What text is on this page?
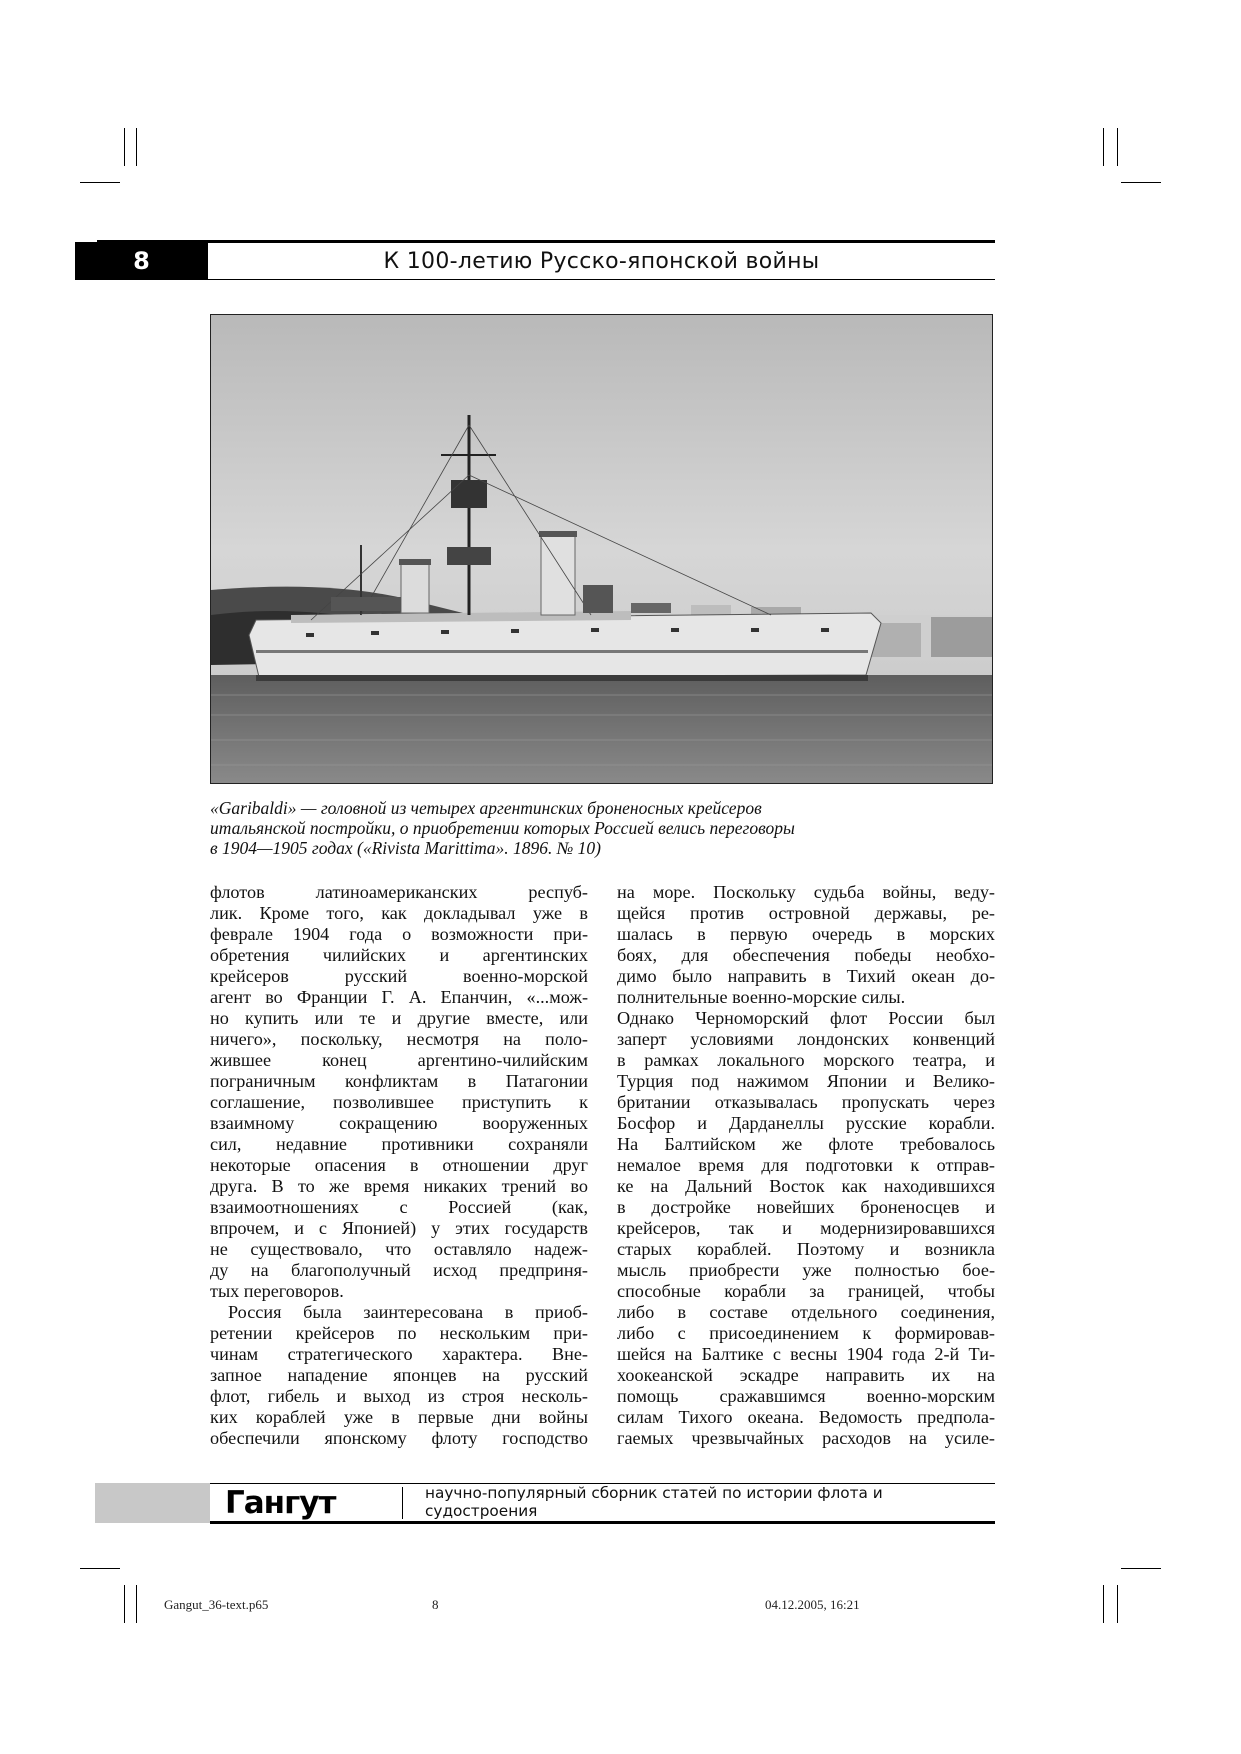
8	К 100-летию Русско-японской войны
«Garibaldi» — головной из четырех аргентинских броненосных крейсеров
итальянской постройки, о приобретении которых Россией велись переговоры
в 1904—1905 годах («Rivista Marittima». 1896. № 10)
флотов латиноамериканских респуб-
лик. Кроме того, как докладывал уже в
феврале 1904 года о возможности при-
обретения чилийских и аргентинских
крейсеров русский военно-морской
агент во Франции Г. А. Епанчин, «...мож-
но купить или те и другие вместе, или
ничего», поскольку, несмотря на поло-
жившее конец аргентино-чилийским
пограничным конфликтам в Патагонии
соглашение, позволившее приступить к
взаимному сокращению вооруженных
сил, недавние противники сохраняли
некоторые опасения в отношении друг
друга. В то же время никаких трений во
взаимоотношениях с Россией (как,
впрочем, и с Японией) у этих государств
не существовало, что оставляло надеж-
ду на благополучный исход предприня-
тых переговоров.
Россия была заинтересована в приоб-
ретении крейсеров по нескольким при-
чинам стратегического характера. Вне-
запное нападение японцев на русский
флот, гибель и выход из строя несколь-
ких кораблей уже в первые дни войны
обеспечили японскому флоту господство
на море. Поскольку судьба войны, веду-
щейся против островной державы, ре-
шалась в первую очередь в морских
боях, для обеспечения победы необхо-
димо было направить в Тихий океан до-
полнительные военно-морские силы.
Однако Черноморский флот России был
заперт условиями лондонских конвенций
в рамках локального морского театра, и
Турция под нажимом Японии и Велико-
британии отказывалась пропускать через
Босфор и Дарданеллы русские корабли.
На Балтийском же флоте требовалось
немалое время для подготовки к отправ-
ке на Дальний Восток как находившихся
в достройке новейших броненосцев и
крейсеров, так и модернизировавшихся
старых кораблей. Поэтому и возникла
мысль приобрести уже полностью бое-
способные корабли за границей, чтобы
либо в составе отдельного соединения,
либо с присоединением к формировав-
шейся на Балтике с весны 1904 года 2-й Ти-
хоокеанской эскадре направить их на
помощь сражавшимся военно-морским
силам Тихого океана. Ведомость предпола-
гаемых чрезвычайных расходов на усиле-
Гангут	научно-популярный сборник статей по истории флота и судостроения
Gangut_36-text.p65	8	04.12.2005, 16:21
